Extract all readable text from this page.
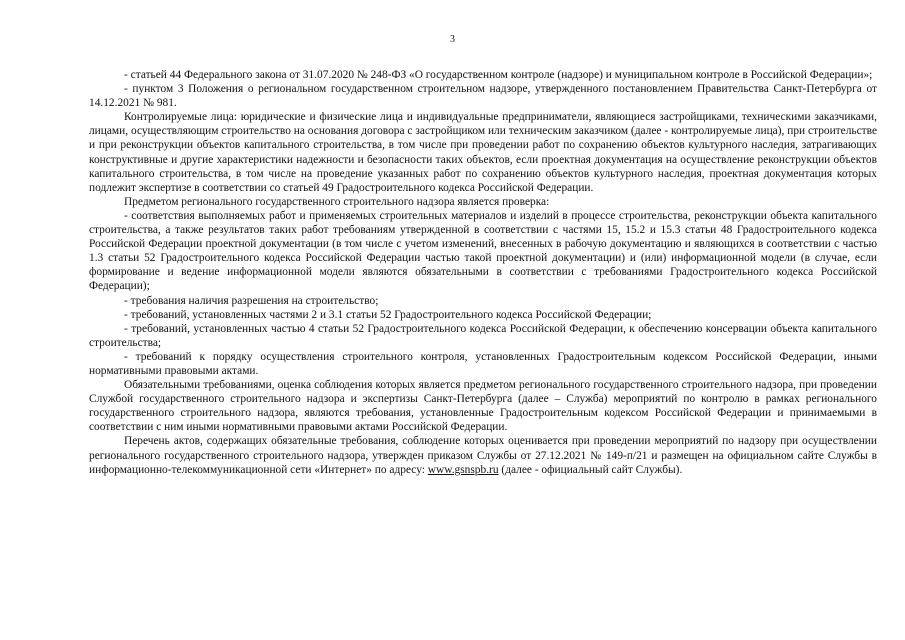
3

- статьей 44 Федерального закона от 31.07.2020 № 248-ФЗ «О государственном контроле (надзоре) и муниципальном контроле в Российской Федерации»;

- пунктом 3 Положения о региональном государственном строительном надзоре, утвержденного постановлением Правительства Санкт-Петербурга от 14.12.2021 № 981.

Контролируемые лица: юридические и физические лица и индивидуальные предприниматели, являющиеся застройщиками, техническими заказчиками, лицами, осуществляющим строительство на основания договора с застройщиком или техническим заказчиком (далее - контролируемые лица), при строительстве и при реконструкции объектов капитального строительства, в том числе при проведении работ по сохранению объектов культурного наследия, затрагивающих конструктивные и другие характеристики надежности и безопасности таких объектов, если проектная документация на осуществление реконструкции объектов капитального строительства, в том числе на проведение указанных работ по сохранению объектов культурного наследия, проектная документация которых подлежит экспертизе в соответствии со статьей 49 Градостроительного кодекса Российской Федерации.

Предметом регионального государственного строительного надзора является проверка:

- соответствия выполняемых работ и применяемых строительных материалов и изделий в процессе строительства, реконструкции объекта капитального строительства, а также результатов таких работ требованиям утвержденной в соответствии с частями 15, 15.2 и 15.3 статьи 48 Градостроительного кодекса Российской Федерации проектной документации (в том числе с учетом изменений, внесенных в рабочую документацию и являющихся в соответствии с частью 1.3 статьи 52 Градостроительного кодекса Российской Федерации частью такой проектной документации) и (или) информационной модели (в случае, если формирование и ведение информационной модели являются обязательными в соответствии с требованиями Градостроительного кодекса Российской Федерации);

- требования наличия разрешения на строительство;

- требований, установленных частями 2 и 3.1 статьи 52 Градостроительного кодекса Российской Федерации;

- требований, установленных частью 4 статьи 52 Градостроительного кодекса Российской Федерации, к обеспечению консервации объекта капитального строительства;

- требований к порядку осуществления строительного контроля, установленных Градостроительным кодексом Российской Федерации, иными нормативными правовыми актами.

Обязательными требованиями, оценка соблюдения которых является предметом регионального государственного строительного надзора, при проведении Службой государственного строительного надзора и экспертизы Санкт-Петербурга (далее – Служба) мероприятий по контролю в рамках регионального государственного строительного надзора, являются требования, установленные Градостроительным кодексом Российской Федерации и принимаемыми в соответствии с ним иными нормативными правовыми актами Российской Федерации.

Перечень актов, содержащих обязательные требования, соблюдение которых оценивается при проведении мероприятий по надзору при осуществлении регионального государственного строительного надзора, утвержден приказом Службы от 27.12.2021 № 149-п/21 и размещен на официальном сайте Службы в информационно-телекоммуникационной сети «Интернет» по адресу: www.gsnspb.ru (далее - официальный сайт Службы).
